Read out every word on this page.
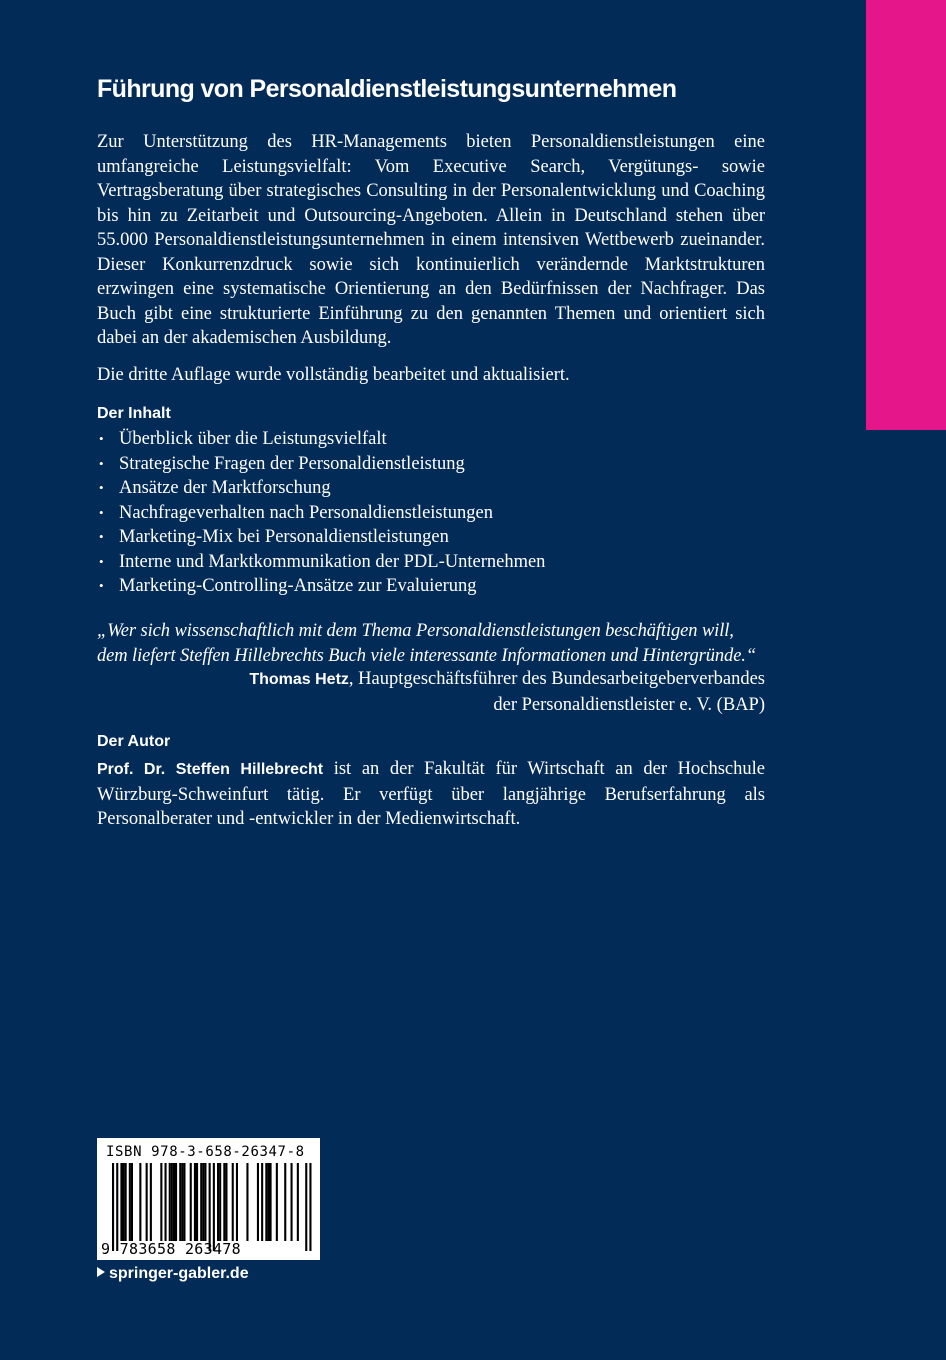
Führung von Personaldienstleistungsunternehmen

Zur Unterstützung des HR-Managements bieten Personaldienstleistungen eine umfangreiche Leistungsvielfalt: Vom Executive Search, Vergütungs- sowie Vertragsberatung über strategisches Consulting in der Personalentwicklung und Coaching bis hin zu Zeitarbeit und Outsourcing-Angeboten. Allein in Deutschland stehen über 55.000 Personaldienstleistungsunternehmen in einem intensiven Wettbewerb zueinander. Dieser Konkurrenzdruck sowie sich kontinuierlich verändernde Marktstrukturen erzwingen eine systematische Orientierung an den Bedürfnissen der Nachfrager. Das Buch gibt eine strukturierte Einführung zu den genannten Themen und orientiert sich dabei an der akademischen Ausbildung.

Die dritte Auflage wurde vollständig bearbeitet und aktualisiert.

Der Inhalt
• Überblick über die Leistungsvielfalt
• Strategische Fragen der Personaldienstleistung
• Ansätze der Marktforschung
• Nachfrageverhalten nach Personaldienstleistungen
• Marketing-Mix bei Personaldienstleistungen
• Interne und Marktkommunikation der PDL-Unternehmen
• Marketing-Controlling-Ansätze zur Evaluierung
„Wer sich wissenschaftlich mit dem Thema Personaldienstleistungen beschäftigen will,
dem liefert Steffen Hillebrechts Buch viele interessante Informationen und Hintergründe.“
Thomas Hetz, Hauptgeschäftsführer des Bundesarbeitgeberverbandes
der Personaldienstleister e. V. (BAP)
Der Autor

Prof. Dr. Steffen Hillebrecht ist an der Fakultät für Wirtschaft an der Hochschule Würzburg-Schweinfurt tätig. Er verfügt über langjährige Berufserfahrung als Personalberater und -entwickler in der Medienwirtschaft.

ISBN 978-3-658-26347-8
9 783658 263478
springer-gabler.de
